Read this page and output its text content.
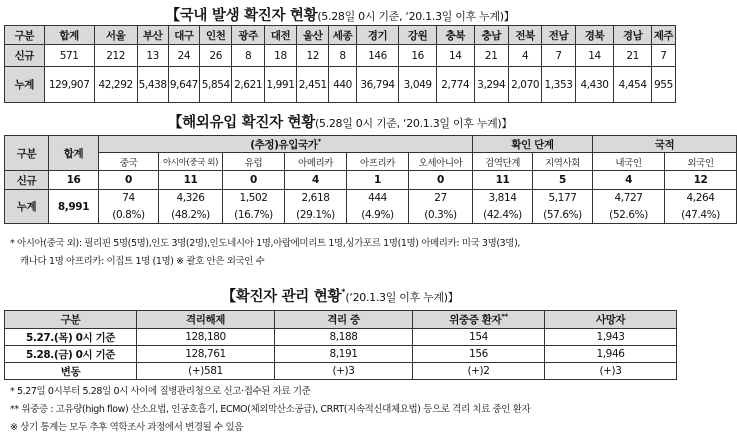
【국내 발생 확진자 현황(5.28일 0시 기준, ‘20.1.3일 이후 누계)】
구분	합계	서울	부산	대구	인천	광주	대전	울산	세종	경기	강원	충북	충남	전북	전남	경북	경남	제주
신규	571	212	13	24	26	8	18	12	8	146	16	14	21	4	7	14	21	7
누계	129,907	42,292	5,438	9,647	5,854	2,621	1,991	2,451	440	36,794	3,049	2,774	3,294	2,070	1,353	4,430	4,454	955
【해외유입 확진자 현황(5.28일 0시 기준, ‘20.1.3일 이후 누계)】
구분	합계	(추정)유입국가*						확인 단계		국적	
		중국	아시아(중국 외)	유럽	아메리카	아프리카	오세아니아	검역단계	지역사회	내국인	외국인
신규	16	0	11	0	4	1	0	11	5	4	12
누계	8,991	74	4,326	1,502	2,618	444	27	3,814	5,177	4,727	4,264
		(0.8%)	(48.2%)	(16.7%)	(29.1%)	(4.9%)	(0.3%)	(42.4%)	(57.6%)	(52.6%)	(47.4%)
* 아시아(중국 외): 필리핀 5명(5명),인도 3명(2명),인도네시아 1명,아랍에미리트 1명,싱가포르 1명(1명) 아메리카: 미국 3명(3명),
캐나다 1명 아프리카: 이집트 1명 (1명) ※ 괄호 안은 외국인 수
【확진자 관리 현황*(‘20.1.3일 이후 누계)】
구분	격리해제	격리 중	위중증 환자**	사망자
5.27.(목) 0시 기준	128,180	8,188	154	1,943
5.28.(금) 0시 기준	128,761	8,191	156	1,946
변동	(+)581	(+)3	(+)2	(+)3
* 5.27일 0시부터 5.28일 0시 사이에 질병관리청으로 신고·접수된 자료 기준
** 위중증 : 고유량(high flow) 산소요법, 인공호흡기, ECMO(체외막산소공급), CRRT(지속적신대체요법) 등으로 격리 치료 중인 환자
※ 상기 통계는 모두 추후 역학조사 과정에서 변경될 수 있음
